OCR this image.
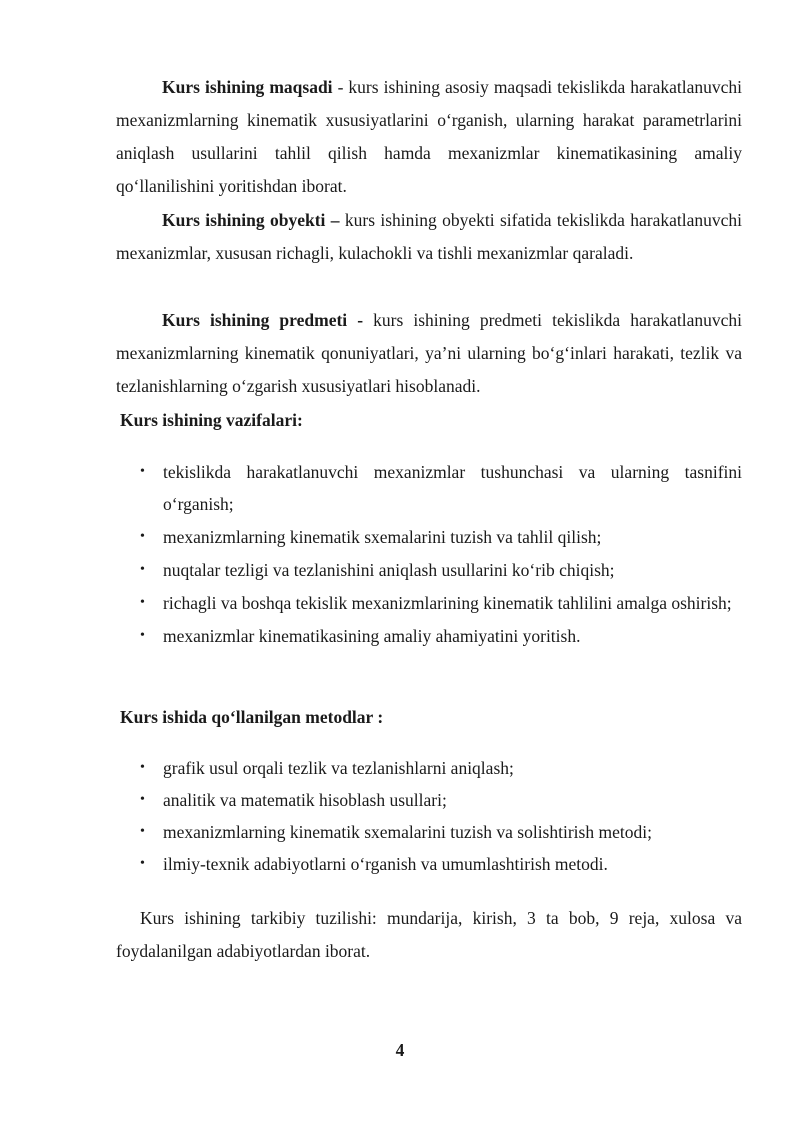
Kurs ishining maqsadi - kurs ishining asosiy maqsadi tekislikda harakatlanuvchi mexanizmlarning kinematik xususiyatlarini o‘rganish, ularning harakat parametrlarini aniqlash usullarini tahlil qilish hamda mexanizmlar kinematikasining amaliy qo‘llanilishini yoritishdan iborat.

Kurs ishining obyekti – kurs ishining obyekti sifatida tekislikda harakatlanuvchi mexanizmlar, xususan richagli, kulachokli va tishli mexanizmlar qaraladi.

Kurs ishining predmeti - kurs ishining predmeti tekislikda harakatlanuvchi mexanizmlarning kinematik qonuniyatlari, ya’ni ularning bo‘g‘inlari harakati, tezlik va tezlanishlarning o‘zgarish xususiyatlari hisoblanadi.

Kurs ishining vazifalari:

• tekislikda harakatlanuvchi mexanizmlar tushunchasi va ularning tasnifini o‘rganish;
• mexanizmlarning kinematik sxemalarini tuzish va tahlil qilish;
• nuqtalar tezligi va tezlanishini aniqlash usullarini ko‘rib chiqish;
• richagli va boshqa tekislik mexanizmlarining kinematik tahlilini amalga oshirish;
• mexanizmlar kinematikasining amaliy ahamiyatini yoritish.

Kurs ishida qo‘llanilgan metodlar :

• grafik usul orqali tezlik va tezlanishlarni aniqlash;
• analitik va matematik hisoblash usullari;
• mexanizmlarning kinematik sxemalarini tuzish va solishtirish metodi;
• ilmiy-texnik adabiyotlarni o‘rganish va umumlashtirish metodi.

Kurs ishining tarkibiy tuzilishi: mundarija, kirish, 3 ta bob, 9 reja, xulosa va foydalanilgan adabiyotlardan iborat.

4
